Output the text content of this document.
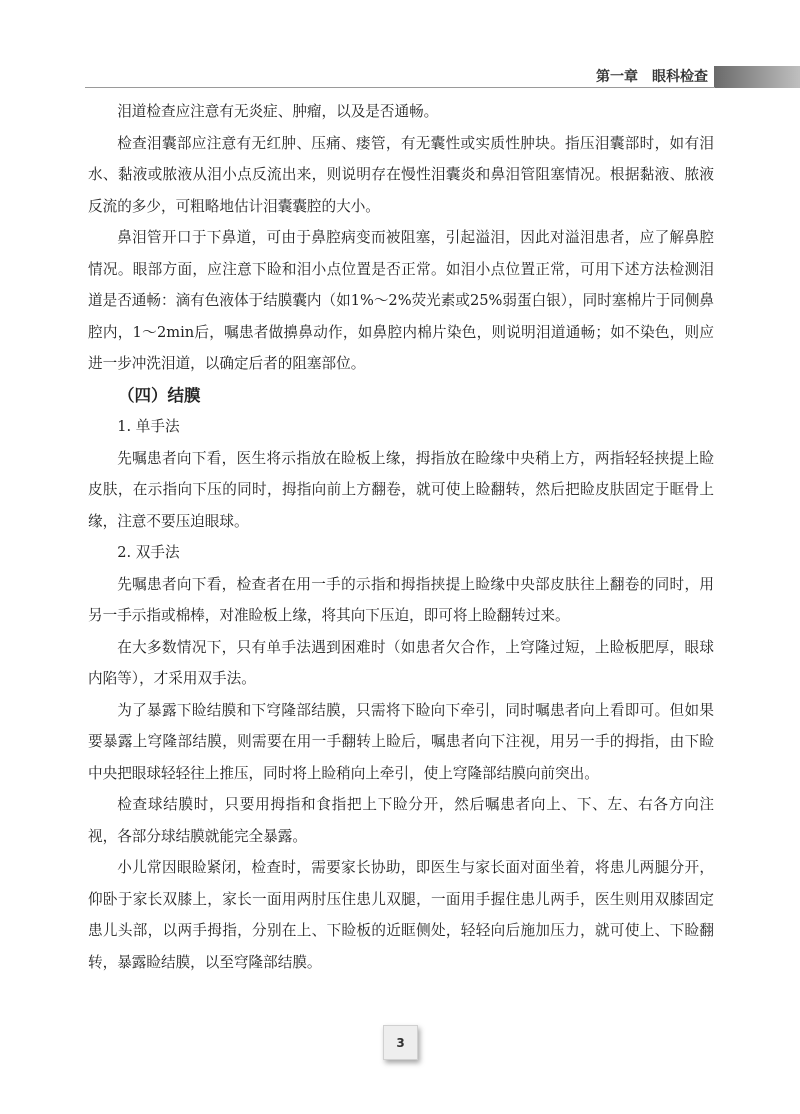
第一章　眼科检查

泪道检查应注意有无炎症、肿瘤，以及是否通畅。

检查泪囊部应注意有无红肿、压痛、瘘管，有无囊性或实质性肿块。指压泪囊部时，如有泪水、黏液或脓液从泪小点反流出来，则说明存在慢性泪囊炎和鼻泪管阻塞情况。根据黏液、脓液反流的多少，可粗略地估计泪囊囊腔的大小。

鼻泪管开口于下鼻道，可由于鼻腔病变而被阻塞，引起溢泪，因此对溢泪患者，应了解鼻腔情况。眼部方面，应注意下睑和泪小点位置是否正常。如泪小点位置正常，可用下述方法检测泪道是否通畅：滴有色液体于结膜囊内（如1%～2%荧光素或25%弱蛋白银），同时塞棉片于同侧鼻腔内，1～2min后，嘱患者做擤鼻动作，如鼻腔内棉片染色，则说明泪道通畅；如不染色，则应进一步冲洗泪道，以确定后者的阻塞部位。

（四）结膜

1. 单手法

先嘱患者向下看，医生将示指放在睑板上缘，拇指放在睑缘中央稍上方，两指轻轻挟提上睑皮肤，在示指向下压的同时，拇指向前上方翻卷，就可使上睑翻转，然后把睑皮肤固定于眶骨上缘，注意不要压迫眼球。

2. 双手法

先嘱患者向下看，检查者在用一手的示指和拇指挟提上睑缘中央部皮肤往上翻卷的同时，用另一手示指或棉棒，对准睑板上缘，将其向下压迫，即可将上睑翻转过来。

在大多数情况下，只有单手法遇到困难时（如患者欠合作，上穹隆过短，上睑板肥厚，眼球内陷等），才采用双手法。

为了暴露下睑结膜和下穹隆部结膜，只需将下睑向下牵引，同时嘱患者向上看即可。但如果要暴露上穹隆部结膜，则需要在用一手翻转上睑后，嘱患者向下注视，用另一手的拇指，由下睑中央把眼球轻轻往上推压，同时将上睑稍向上牵引，使上穹隆部结膜向前突出。

检查球结膜时，只要用拇指和食指把上下睑分开，然后嘱患者向上、下、左、右各方向注视，各部分球结膜就能完全暴露。

小儿常因眼睑紧闭，检查时，需要家长协助，即医生与家长面对面坐着，将患儿两腿分开，仰卧于家长双膝上，家长一面用两肘压住患儿双腿，一面用手握住患儿两手，医生则用双膝固定患儿头部，以两手拇指，分别在上、下睑板的近眶侧处，轻轻向后施加压力，就可使上、下睑翻转，暴露睑结膜，以至穹隆部结膜。

3
